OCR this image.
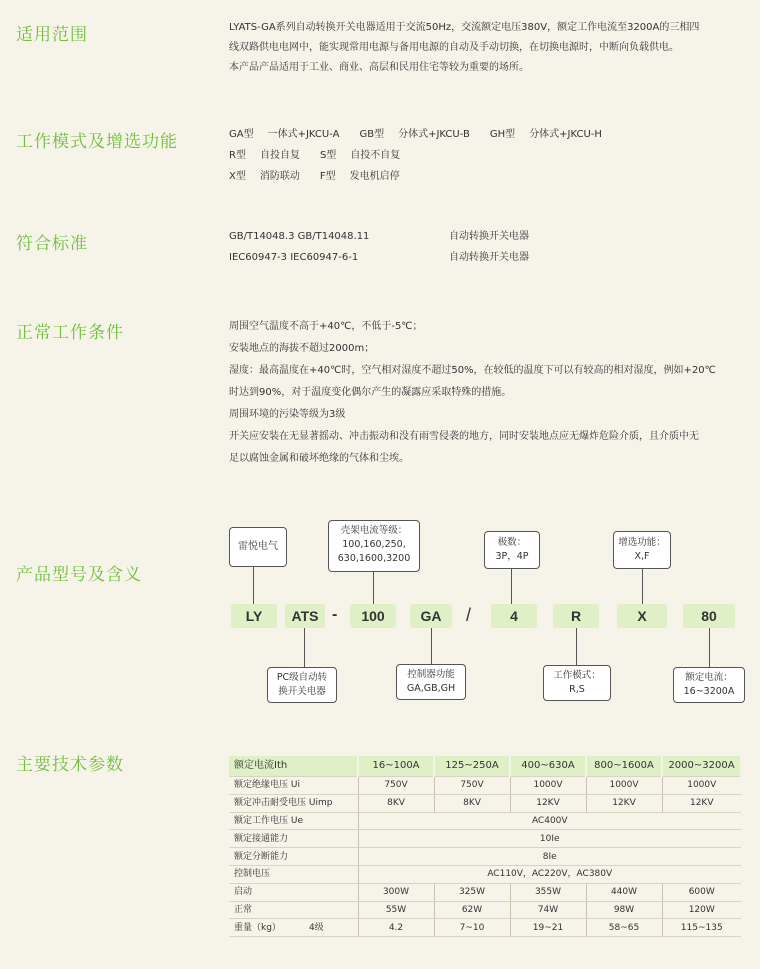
适用范围
工作模式及增选功能
符合标准
正常工作条件
产品型号及含义
主要技术参数

LYATS-GA系列自动转换开关电器适用于交流50Hz，交流额定电压380V，额定工作电流至3200A的三相四

线双路供电电网中，能实现常用电源与备用电源的自动及手动切换，在切换电源时，中断向负载供电。

本产品产品适用于工业、商业、高层和民用住宅等较为重要的场所。

GA型 一体式+JKCU-A GB型 分体式+JKCU-B GH型 分体式+JKCU-H
R型 自投自复 S型 自投不自复
X型 消防联动 F型 发电机启停
GB/T14048.3 GB/T14048.11	自动转换开关电器
IEC60947-3 IEC60947-6-1	自动转换开关电器

周围空气温度不高于+40℃，不低于-5℃；

安装地点的海拔不超过2000m；

湿度：最高温度在+40℃时，空气相对湿度不超过50%，在较低的温度下可以有较高的相对湿度，例如+20℃

时达到90%，对于温度变化偶尔产生的凝露应采取特殊的措施。

周围环境的污染等级为3级

开关应安装在无显著摇动、冲击振动和没有雨雪侵袭的地方，同时安装地点应无爆炸危险介质，且介质中无

足以腐蚀金属和破坏绝缘的气体和尘埃。

雷悦电气
壳架电流等级：
100,160,250,
630,1600,3200
极数：
3P，4P
增选功能：
X,F
LY	ATS -	100	GA	/	4	R	X	80
PC级自动转
换开关电器
控制器功能
GA,GB,GH
工作模式：
R,S
额定电流：
16~3200A
额定电流Ith	16~100A	125~250A	400~630A	800~1600A	2000~3200A
额定绝缘电压 Ui	750V	750V	1000V	1000V	1000V
额定冲击耐受电压 Uimp	8KV	8KV	12KV	12KV	12KV
额定工作电压 Ue	AC400V				
额定接通能力	10Ie				
额定分断能力	8Ie				
控制电压	AC110V，AC220V，AC380V				
启动	300W	325W	355W	440W	600W
正常	55W	62W	74W	98W	120W
重量（kg） 4级	4.2	7~10	19~21	58~65	115~135
